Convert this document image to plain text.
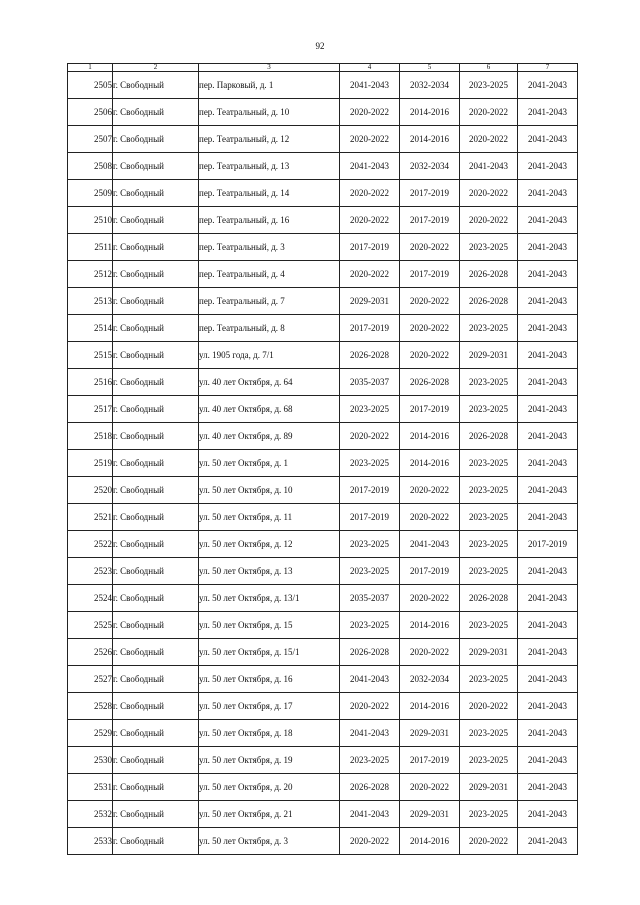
92
1	2	3	4	5	6	7
2505	г. Свободный	пер. Парковый, д. 1	2041-2043	2032-2034	2023-2025	2041-2043
2506	г. Свободный	пер. Театральный, д. 10	2020-2022	2014-2016	2020-2022	2041-2043
2507	г. Свободный	пер. Театральный, д. 12	2020-2022	2014-2016	2020-2022	2041-2043
2508	г. Свободный	пер. Театральный, д. 13	2041-2043	2032-2034	2041-2043	2041-2043
2509	г. Свободный	пер. Театральный, д. 14	2020-2022	2017-2019	2020-2022	2041-2043
2510	г. Свободный	пер. Театральный, д. 16	2020-2022	2017-2019	2020-2022	2041-2043
2511	г. Свободный	пер. Театральный, д. 3	2017-2019	2020-2022	2023-2025	2041-2043
2512	г. Свободный	пер. Театральный, д. 4	2020-2022	2017-2019	2026-2028	2041-2043
2513	г. Свободный	пер. Театральный, д. 7	2029-2031	2020-2022	2026-2028	2041-2043
2514	г. Свободный	пер. Театральный, д. 8	2017-2019	2020-2022	2023-2025	2041-2043
2515	г. Свободный	ул. 1905 года, д. 7/1	2026-2028	2020-2022	2029-2031	2041-2043
2516	г. Свободный	ул. 40 лет Октября, д. 64	2035-2037	2026-2028	2023-2025	2041-2043
2517	г. Свободный	ул. 40 лет Октября, д. 68	2023-2025	2017-2019	2023-2025	2041-2043
2518	г. Свободный	ул. 40 лет Октября, д. 89	2020-2022	2014-2016	2026-2028	2041-2043
2519	г. Свободный	ул. 50 лет Октября, д. 1	2023-2025	2014-2016	2023-2025	2041-2043
2520	г. Свободный	ул. 50 лет Октября, д. 10	2017-2019	2020-2022	2023-2025	2041-2043
2521	г. Свободный	ул. 50 лет Октября, д. 11	2017-2019	2020-2022	2023-2025	2041-2043
2522	г. Свободный	ул. 50 лет Октября, д. 12	2023-2025	2041-2043	2023-2025	2017-2019
2523	г. Свободный	ул. 50 лет Октября, д. 13	2023-2025	2017-2019	2023-2025	2041-2043
2524	г. Свободный	ул. 50 лет Октября, д. 13/1	2035-2037	2020-2022	2026-2028	2041-2043
2525	г. Свободный	ул. 50 лет Октября, д. 15	2023-2025	2014-2016	2023-2025	2041-2043
2526	г. Свободный	ул. 50 лет Октября, д. 15/1	2026-2028	2020-2022	2029-2031	2041-2043
2527	г. Свободный	ул. 50 лет Октября, д. 16	2041-2043	2032-2034	2023-2025	2041-2043
2528	г. Свободный	ул. 50 лет Октября, д. 17	2020-2022	2014-2016	2020-2022	2041-2043
2529	г. Свободный	ул. 50 лет Октября, д. 18	2041-2043	2029-2031	2023-2025	2041-2043
2530	г. Свободный	ул. 50 лет Октября, д. 19	2023-2025	2017-2019	2023-2025	2041-2043
2531	г. Свободный	ул. 50 лет Октября, д. 20	2026-2028	2020-2022	2029-2031	2041-2043
2532	г. Свободный	ул. 50 лет Октября, д. 21	2041-2043	2029-2031	2023-2025	2041-2043
2533	г. Свободный	ул. 50 лет Октября, д. 3	2020-2022	2014-2016	2020-2022	2041-2043
